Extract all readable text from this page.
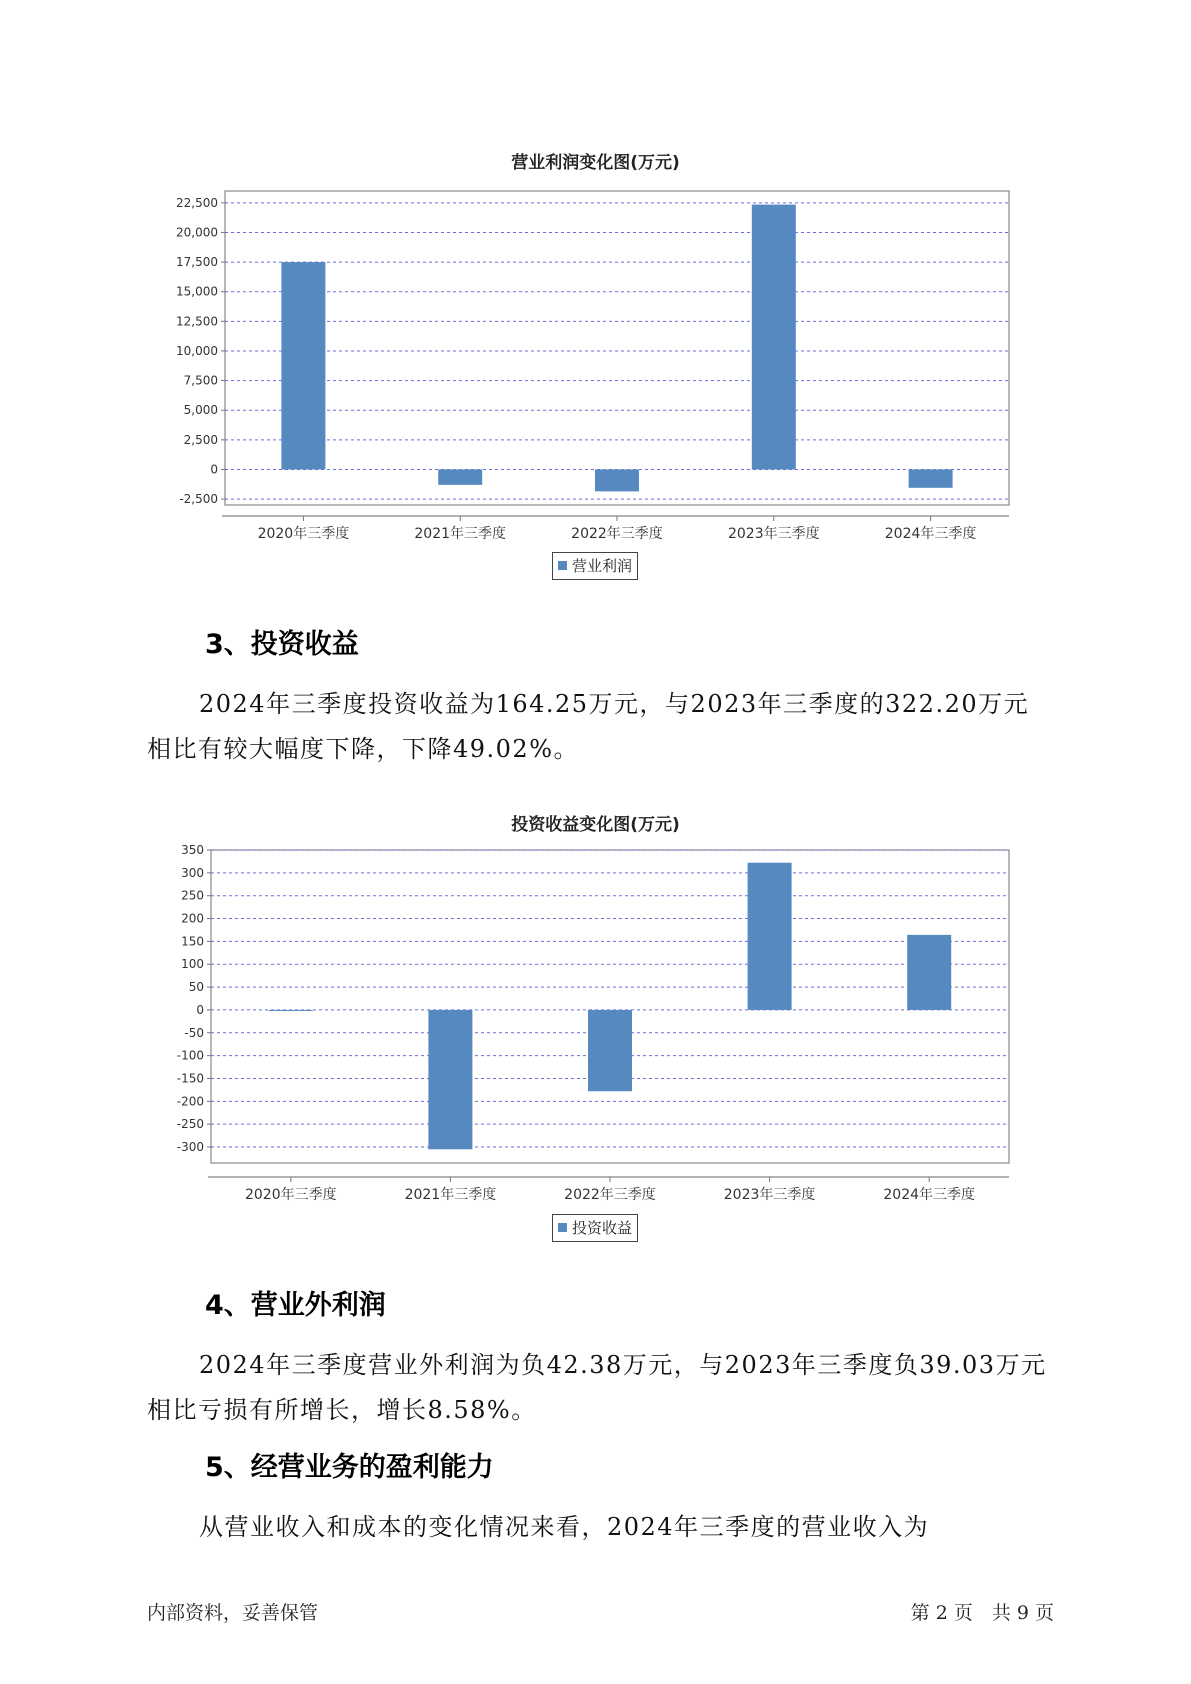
营业利润变化图(万元)
22,500
20,000
17,500
15,000
12,500
10,000
7,500
5,000
2,500
0
-2,500
2020年三季度	2021年三季度	2022年三季度	2023年三季度	2024年三季度
营业利润
3、投资收益

2024年三季度投资收益为164.25万元，与2023年三季度的322.20万元相比有较大幅度下降，下降49.02%。

投资收益变化图(万元)
350
300
250
200
150
100
50
0
-50
-100
-150
-200
-250
-300
2020年三季度	2021年三季度	2022年三季度	2023年三季度	2024年三季度
投资收益
4、营业外利润

2024年三季度营业外利润为负42.38万元，与2023年三季度负39.03万元相比亏损有所增长，增长8.58%。

5、经营业务的盈利能力

从营业收入和成本的变化情况来看，2024年三季度的营业收入为

内部资料，妥善保管	第 2 页　共 9 页
